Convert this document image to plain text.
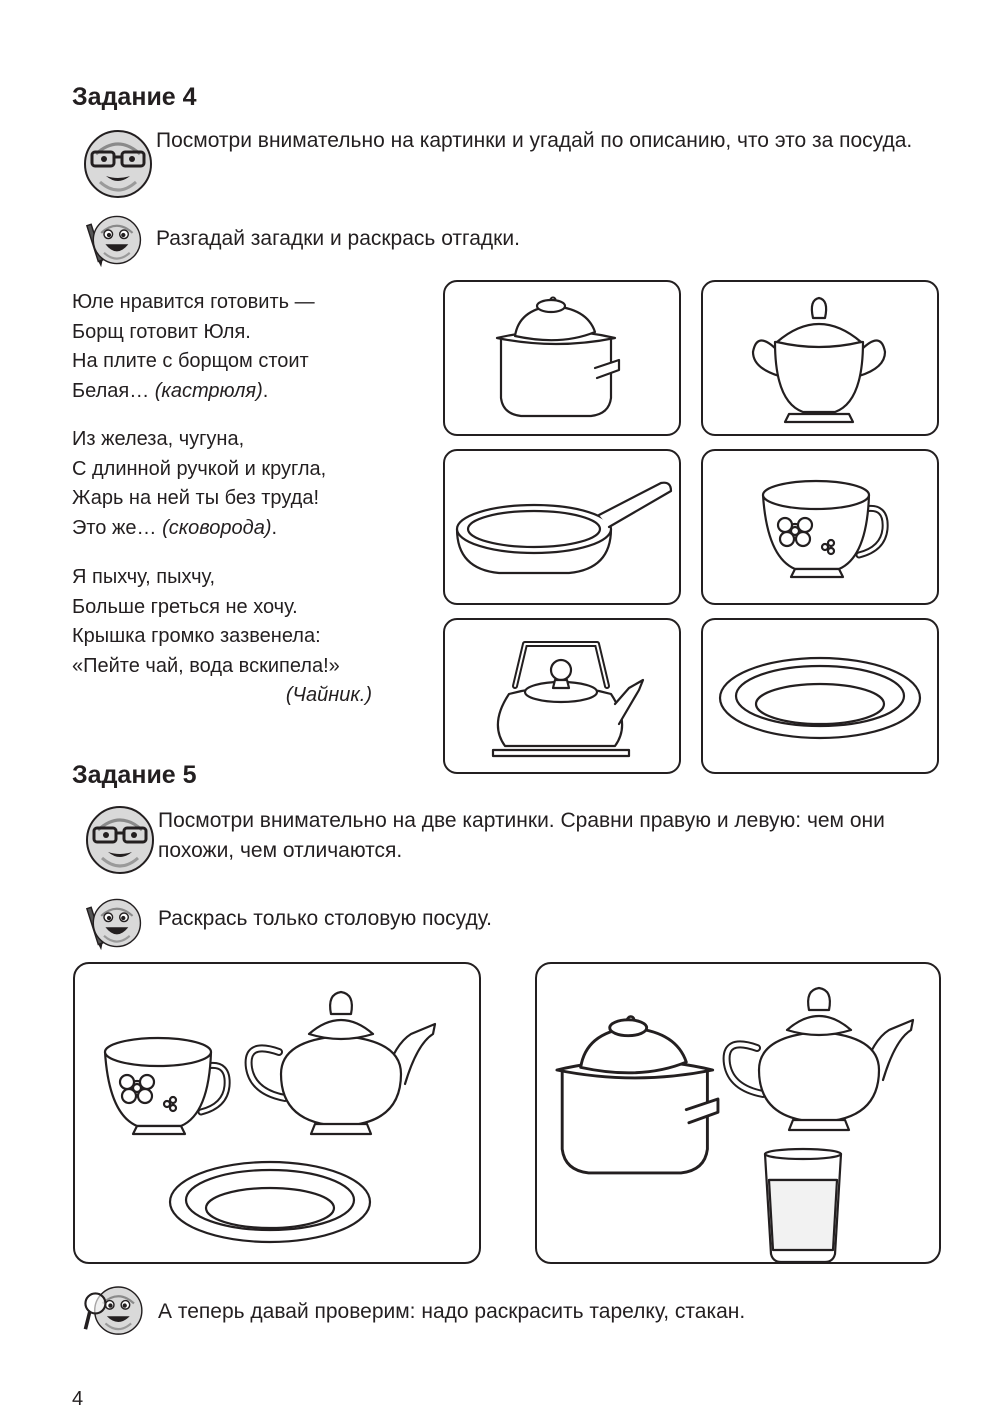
Задание 4
Посмотри внимательно на картинки и угадай по описанию, что это за посуда.
Разгадай загадки и раскрась отгадки.

Юле нравится готовить —

Борщ готовит Юля.

На плите с борщом стоит

Белая… (кастрюля).

Из железа, чугуна,

С длинной ручкой и кругла,

Жарь на ней ты без труда!

Это же… (сковорода).

Я пыхчу, пыхчу,

Больше греться не хочу.

Крышка громко зазвенела:

«Пейте чай, вода вскипела!»

(Чайник.)

Задание 5
Посмотри внимательно на две картинки. Сравни правую и левую: чем они похожи, чем отличаются.
Раскрась только столовую посуду.
А теперь давай проверим: надо раскрасить тарелку, стакан.
4
